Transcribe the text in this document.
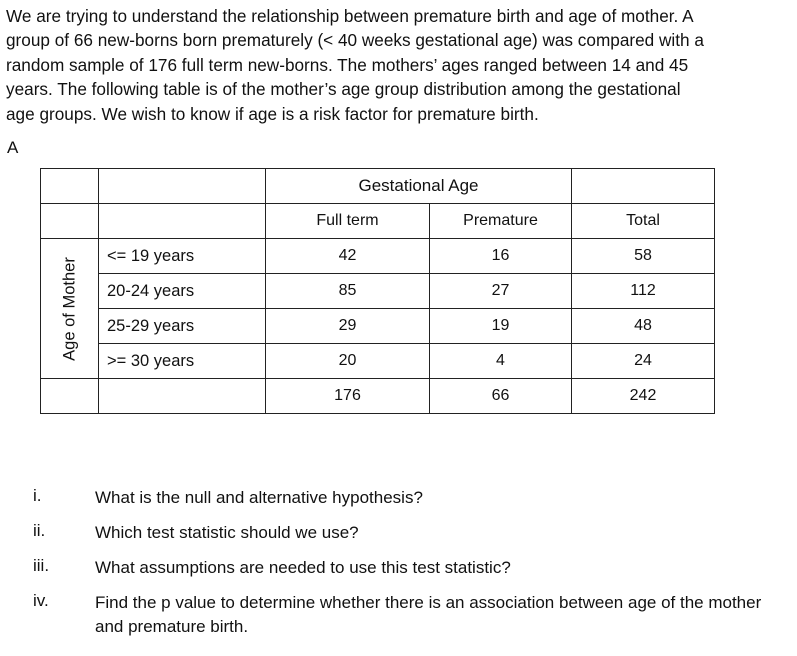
We are trying to understand the relationship between premature birth and age of mother. A
group of 66 new-borns born prematurely (< 40 weeks gestational age) was compared with a
random sample of 176 full term new-borns. The mothers’ ages ranged between 14 and 45
years. The following table is of the mother’s age group distribution among the gestational
age groups. We wish to know if age is a risk factor for premature birth.
A
		Gestational Age		
		Full term	Premature	Total

Age of Mother	<= 19 years	42	16	58
	20-24 years	85	27	112
	25-29 years	29	19	48
	>= 30 years	20	4	24
		176	66	242
i.	What is the null and alternative hypothesis?
ii.	Which test statistic should we use?
iii.	What assumptions are needed to use this test statistic?
iv.	Find the p value to determine whether there is an association between age of the mother and premature birth.
